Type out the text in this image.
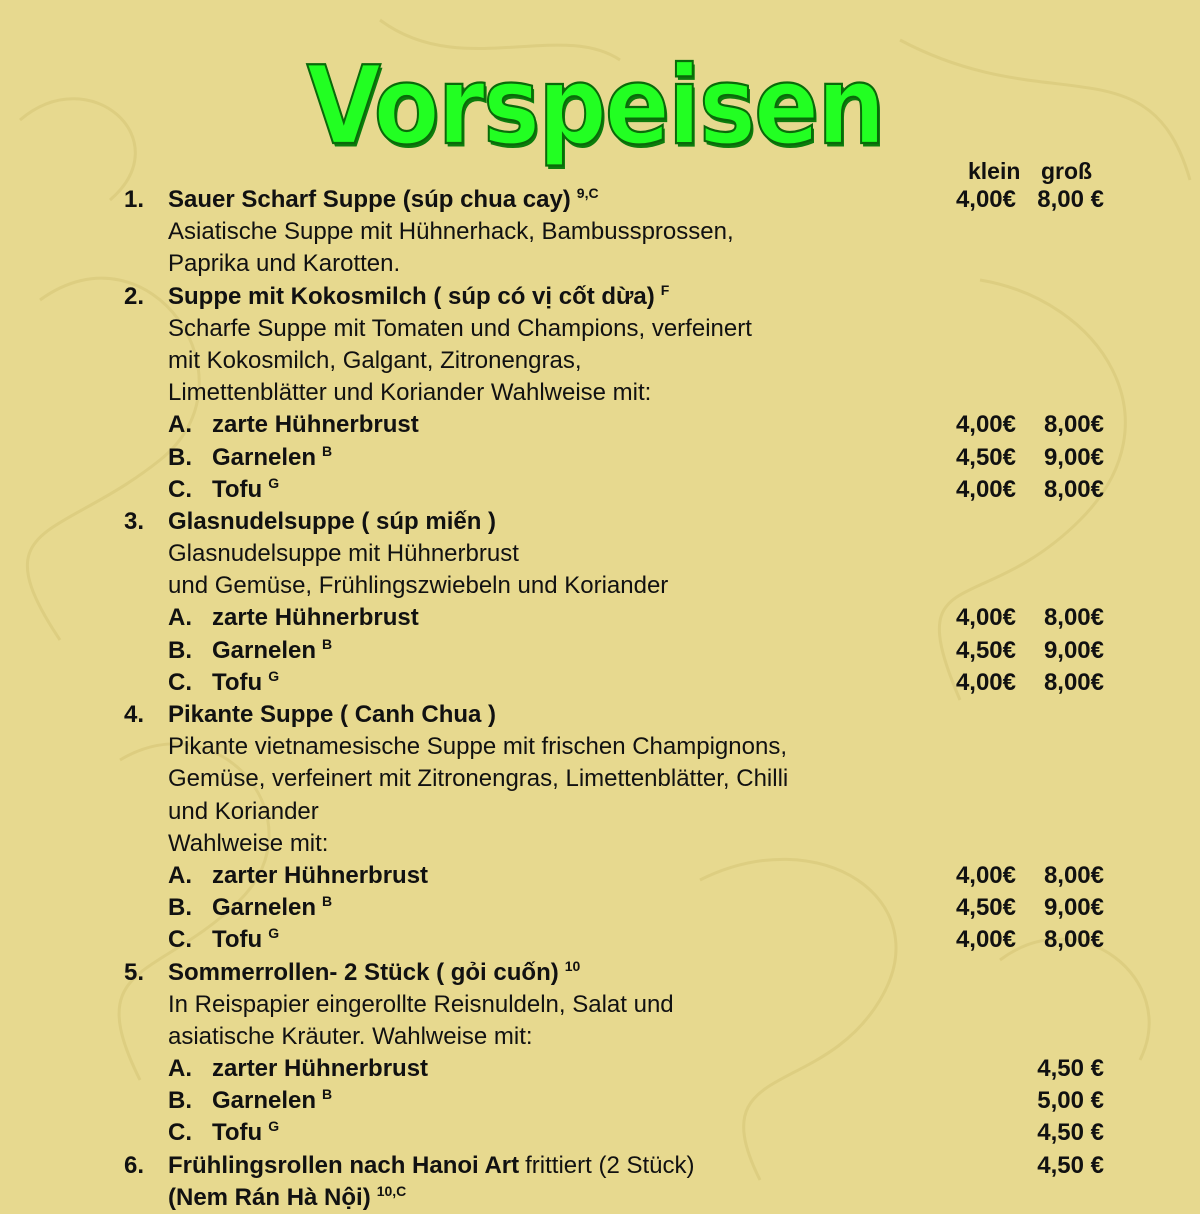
Vorspeisen
klein groß
1. Sauer Scharf Suppe (súp chua cay) $^{9,C}$	4,00€ 8,00 €
Asiatische Suppe mit Hühnerhack, Bambussprossen,
Paprika und Karotten.
2. Suppe mit Kokosmilch ( súp có vị cốt dừa) $^F$
Scharfe Suppe mit Tomaten und Champions, verfeinert
mit Kokosmilch, Galgant, Zitronengras,
Limettenblätter und Koriander Wahlweise mit:
A. zarte Hühnerbrust	4,00€ 8,00€
B. Garnelen $^B$	4,50€ 9,00€
C. Tofu $^G$	4,00€ 8,00€
3. Glasnudelsuppe ( súp miến )
Glasnudelsuppe mit Hühnerbrust
und Gemüse, Frühlingszwiebeln und Koriander
A. zarte Hühnerbrust	4,00€ 8,00€
B. Garnelen $^B$	4,50€ 9,00€
C. Tofu $^G$	4,00€ 8,00€
4. Pikante Suppe ( Canh Chua )
Pikante vietnamesische Suppe mit frischen Champignons,
Gemüse, verfeinert mit Zitronengras, Limettenblätter, Chilli
und Koriander
Wahlweise mit:
A. zarter Hühnerbrust	4,00€ 8,00€
B. Garnelen $^B$	4,50€ 9,00€
C. Tofu $^G$	4,00€ 8,00€
5. Sommerrollen- 2 Stück ( gỏi cuốn) $^{10}$
In Reispapier eingerollte Reisnuldeln, Salat und
asiatische Kräuter. Wahlweise mit:
A. zarter Hühnerbrust	4,50 €
B. Garnelen $^B$	5,00 €
C. Tofu $^G$	4,50 €
6. Frühlingsrollen nach Hanoi Art frittiert (2 Stück)	4,50 €
(Nem Rán Hà Nội) $^{10,C}$
